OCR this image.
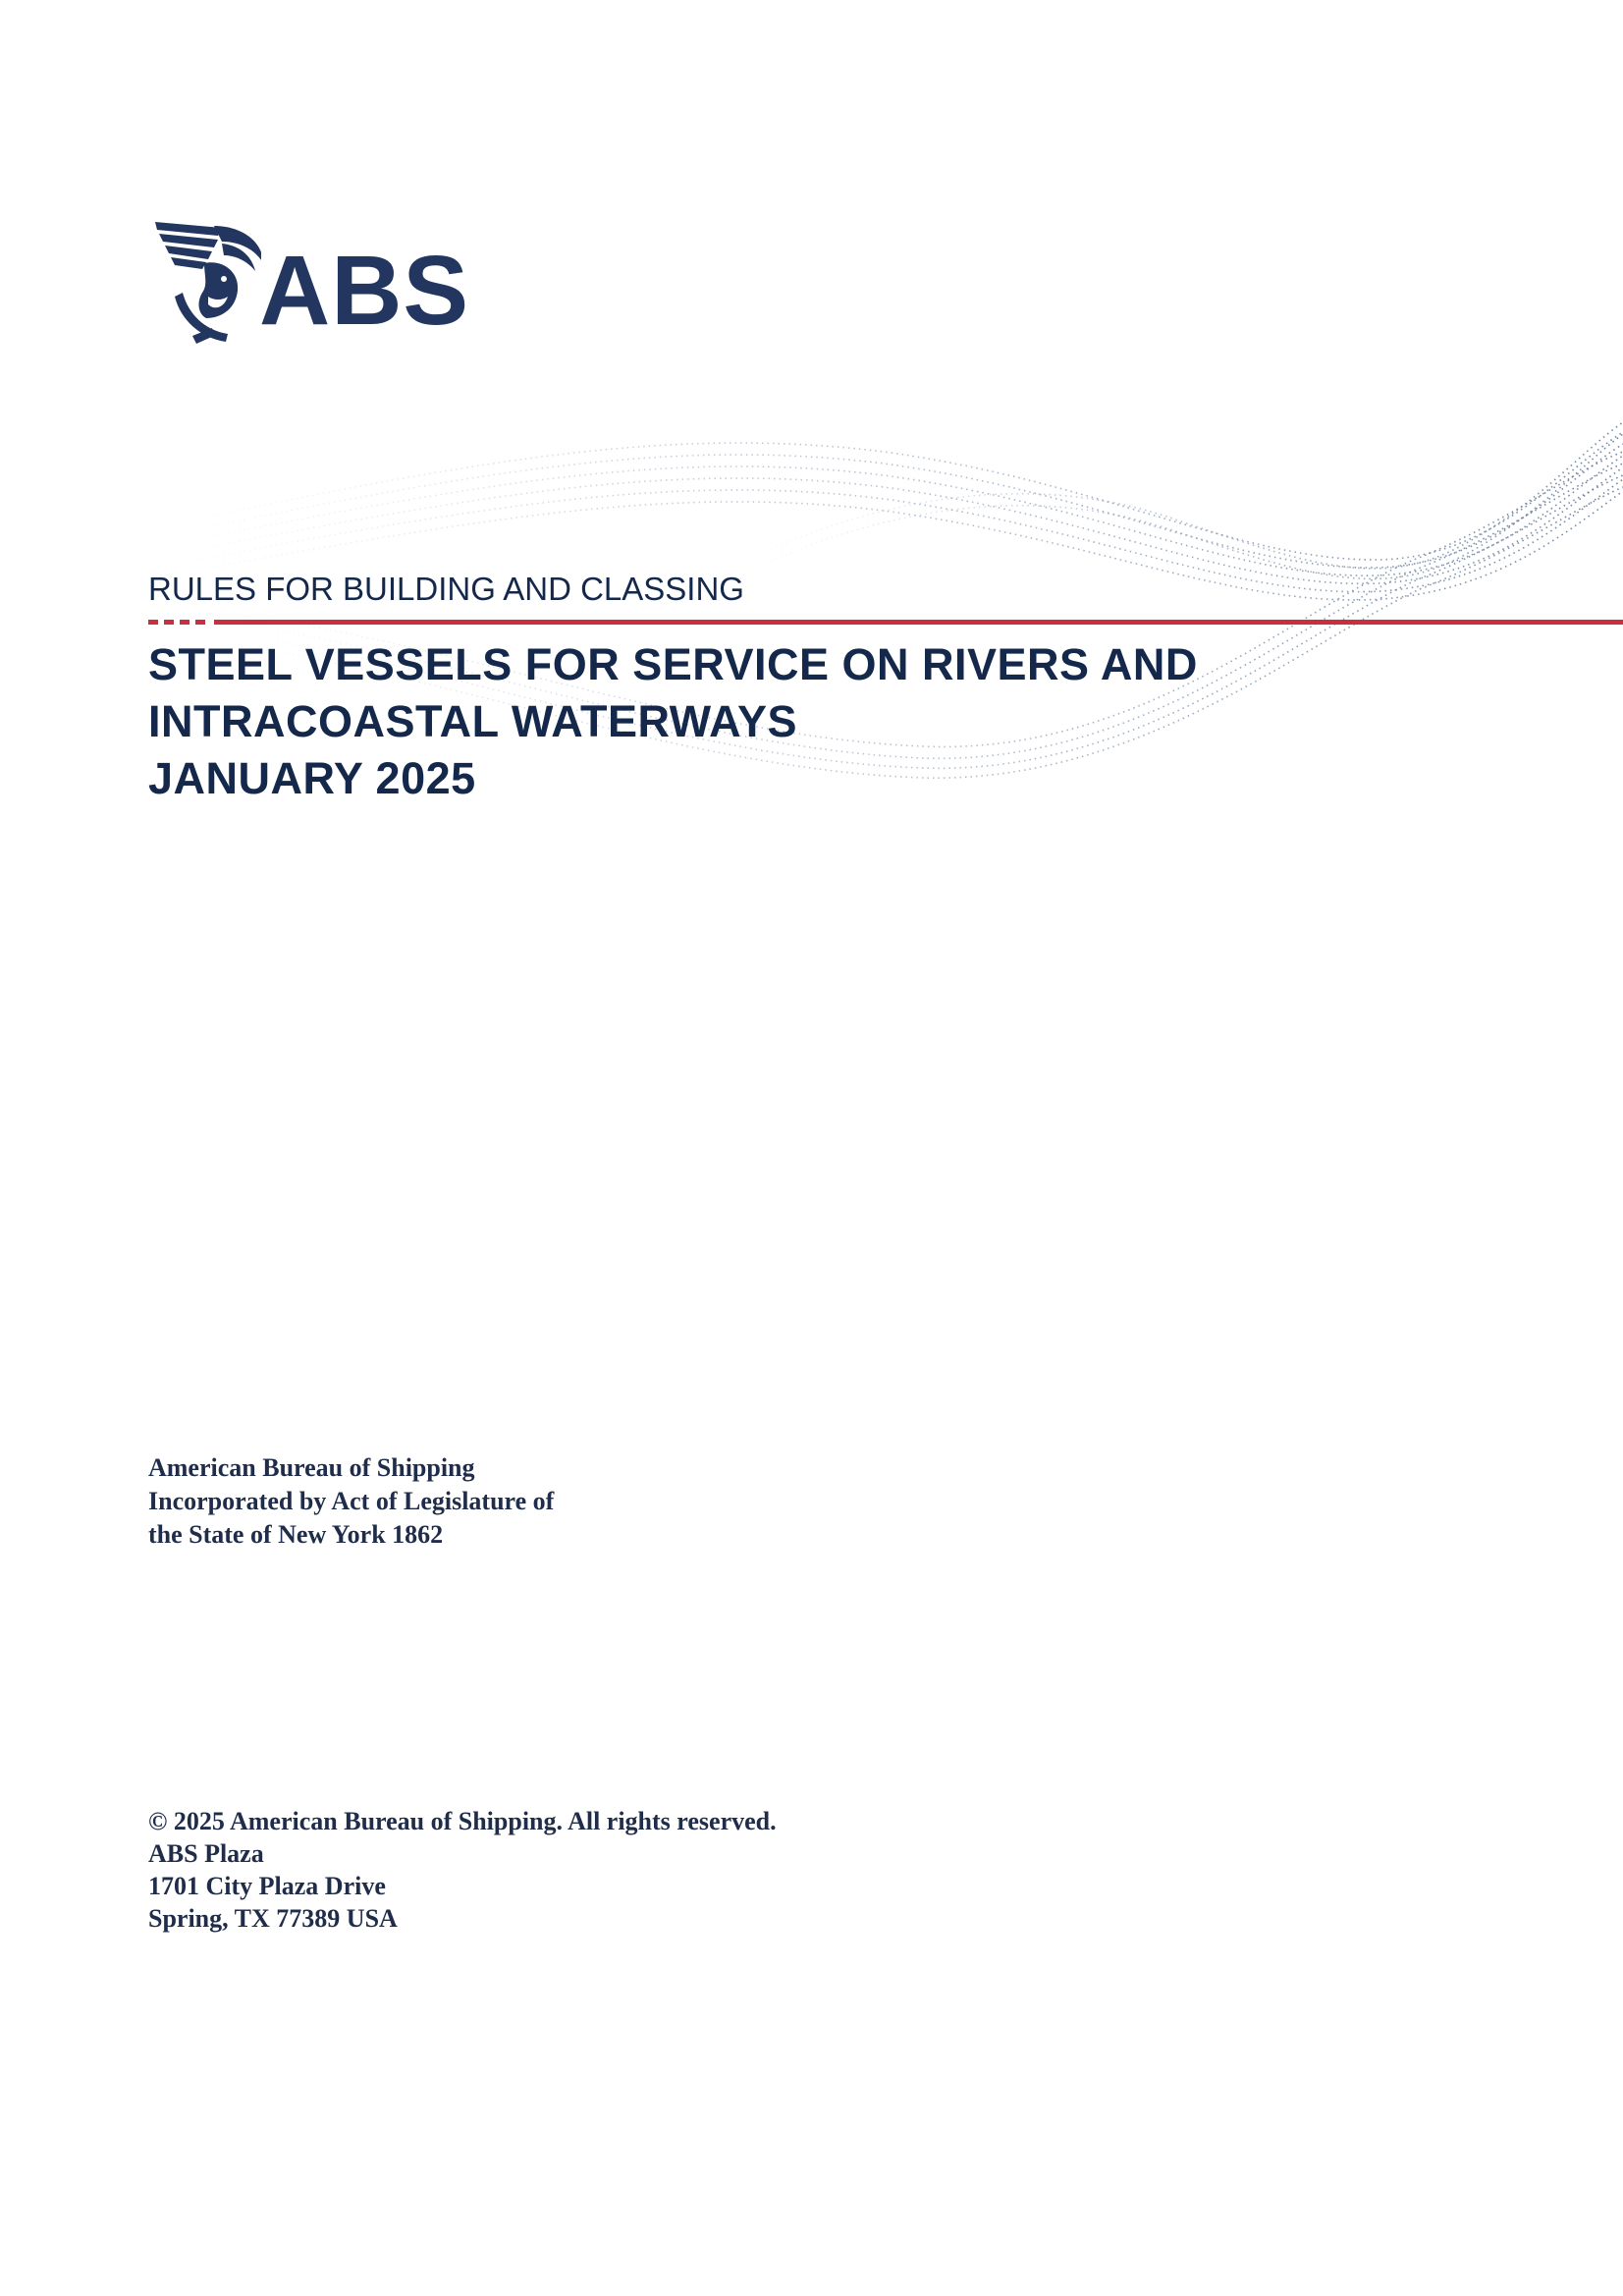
ABS
RULES FOR BUILDING AND CLASSING
STEEL VESSELS FOR SERVICE ON RIVERS AND
INTRACOASTAL WATERWAYS
JANUARY 2025
American Bureau of Shipping
Incorporated by Act of Legislature of
the State of New York 1862
© 2025 American Bureau of Shipping. All rights reserved.
ABS Plaza
1701 City Plaza Drive
Spring, TX 77389 USA
